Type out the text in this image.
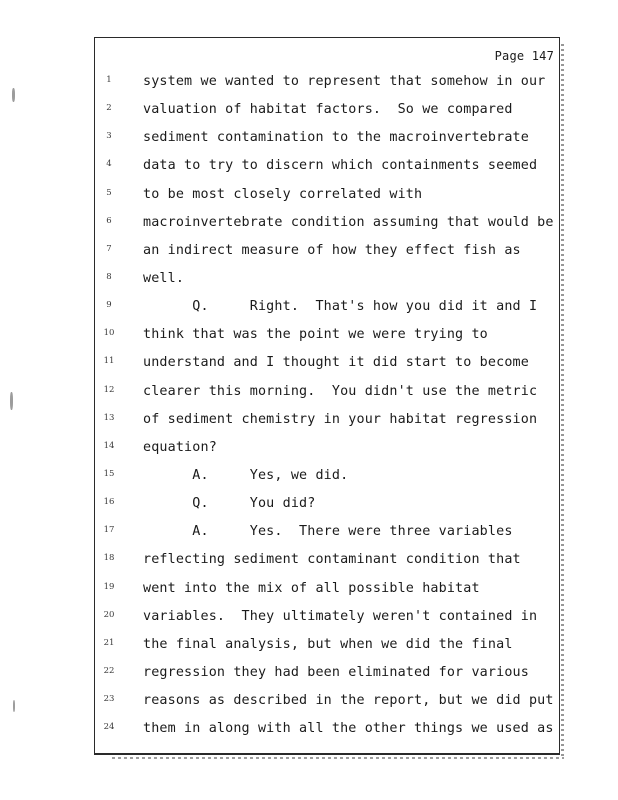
Page 147
1	system we wanted to represent that somehow in our
2	valuation of habitat factors.  So we compared
3	sediment contamination to the macroinvertebrate
4	data to try to discern which containments seemed
5	to be most closely correlated with
6	macroinvertebrate condition assuming that would be
7	an indirect measure of how they effect fish as
8	well.
9	Q.     Right.  That's how you did it and I
10	think that was the point we were trying to
11	understand and I thought it did start to become
12	clearer this morning.  You didn't use the metric
13	of sediment chemistry in your habitat regression
14	equation?
15	A.     Yes, we did.
16	Q.     You did?
17	A.     Yes.  There were three variables
18	reflecting sediment contaminant condition that
19	went into the mix of all possible habitat
20	variables.  They ultimately weren't contained in
21	the final analysis, but when we did the final
22	regression they had been eliminated for various
23	reasons as described in the report, but we did put
24	them in along with all the other things we used as
